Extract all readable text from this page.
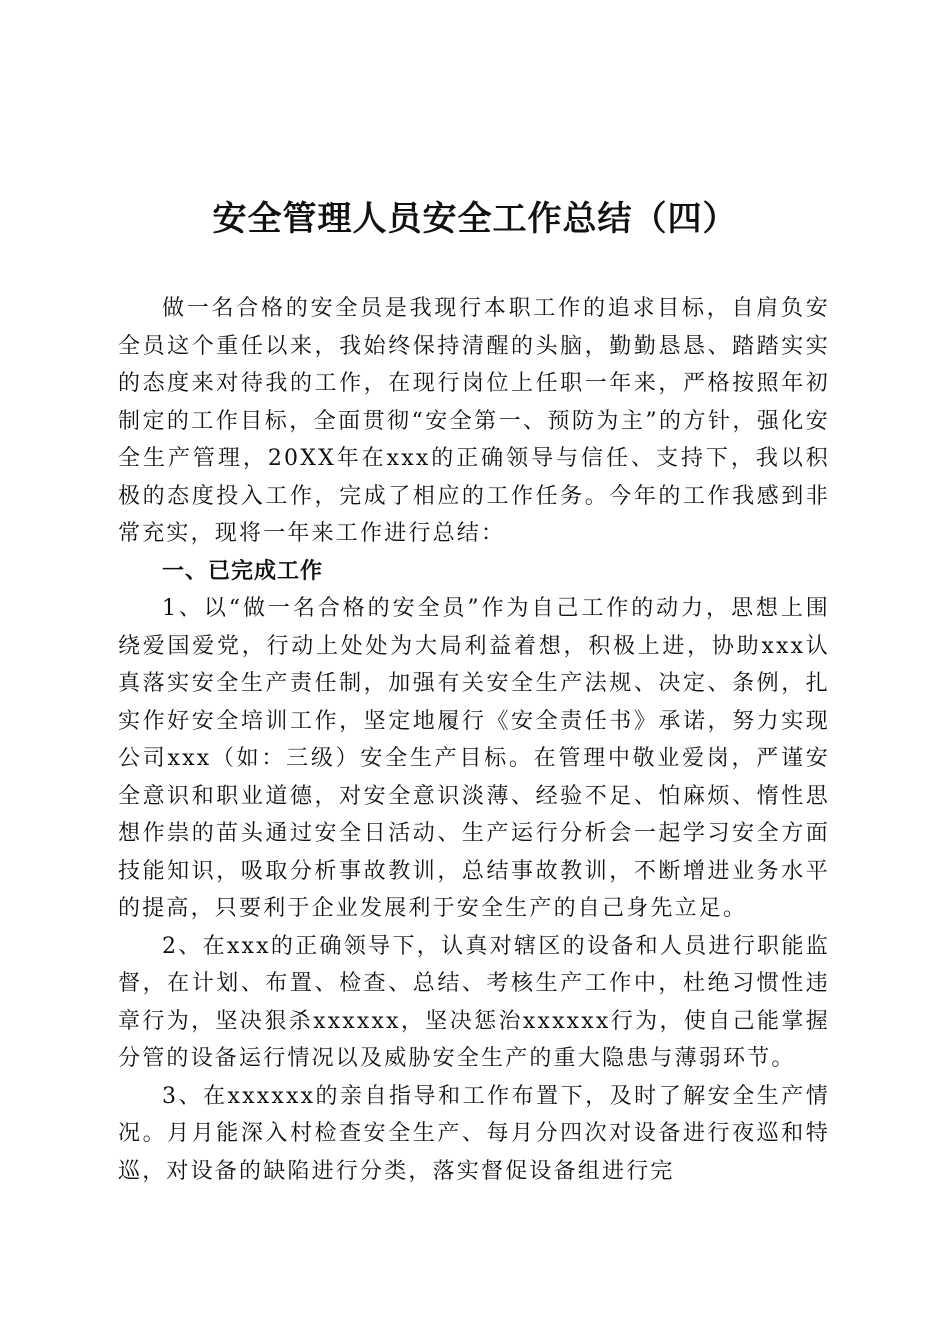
安全管理人员安全工作总结（四）

做一名合格的安全员是我现行本职工作的追求目标，自肩负安全员这个重任以来，我始终保持清醒的头脑，勤勤恳恳、踏踏实实的态度来对待我的工作，在现行岗位上任职一年来，严格按照年初制定的工作目标，全面贯彻“安全第一、预防为主”的方针，强化安全生产管理，20XX年在xxx的正确领导与信任、支持下，我以积极的态度投入工作，完成了相应的工作任务。今年的工作我感到非常充实，现将一年来工作进行总结：

一、已完成工作

1、以“做一名合格的安全员”作为自己工作的动力，思想上围绕爱国爱党，行动上处处为大局利益着想，积极上进，协助xxx认真落实安全生产责任制，加强有关安全生产法规、决定、条例，扎实作好安全培训工作，坚定地履行《安全责任书》承诺，努力实现公司xxx（如：三级）安全生产目标。在管理中敬业爱岗，严谨安全意识和职业道德，对安全意识淡薄、经验不足、怕麻烦、惰性思想作祟的苗头通过安全日活动、生产运行分析会一起学习安全方面技能知识，吸取分析事故教训，总结事故教训，不断增进业务水平的提高，只要利于企业发展利于安全生产的自己身先立足。

2、在xxx的正确领导下，认真对辖区的设备和人员进行职能监督，在计划、布置、检查、总结、考核生产工作中，杜绝习惯性违章行为，坚决狠杀xxxxxx，坚决惩治xxxxxx行为，使自己能掌握分管的设备运行情况以及威胁安全生产的重大隐患与薄弱环节。

3、在xxxxxx的亲自指导和工作布置下，及时了解安全生产情况。月月能深入村检查安全生产、每月分四次对设备进行夜巡和特巡，对设备的缺陷进行分类，落实督促设备组进行完
